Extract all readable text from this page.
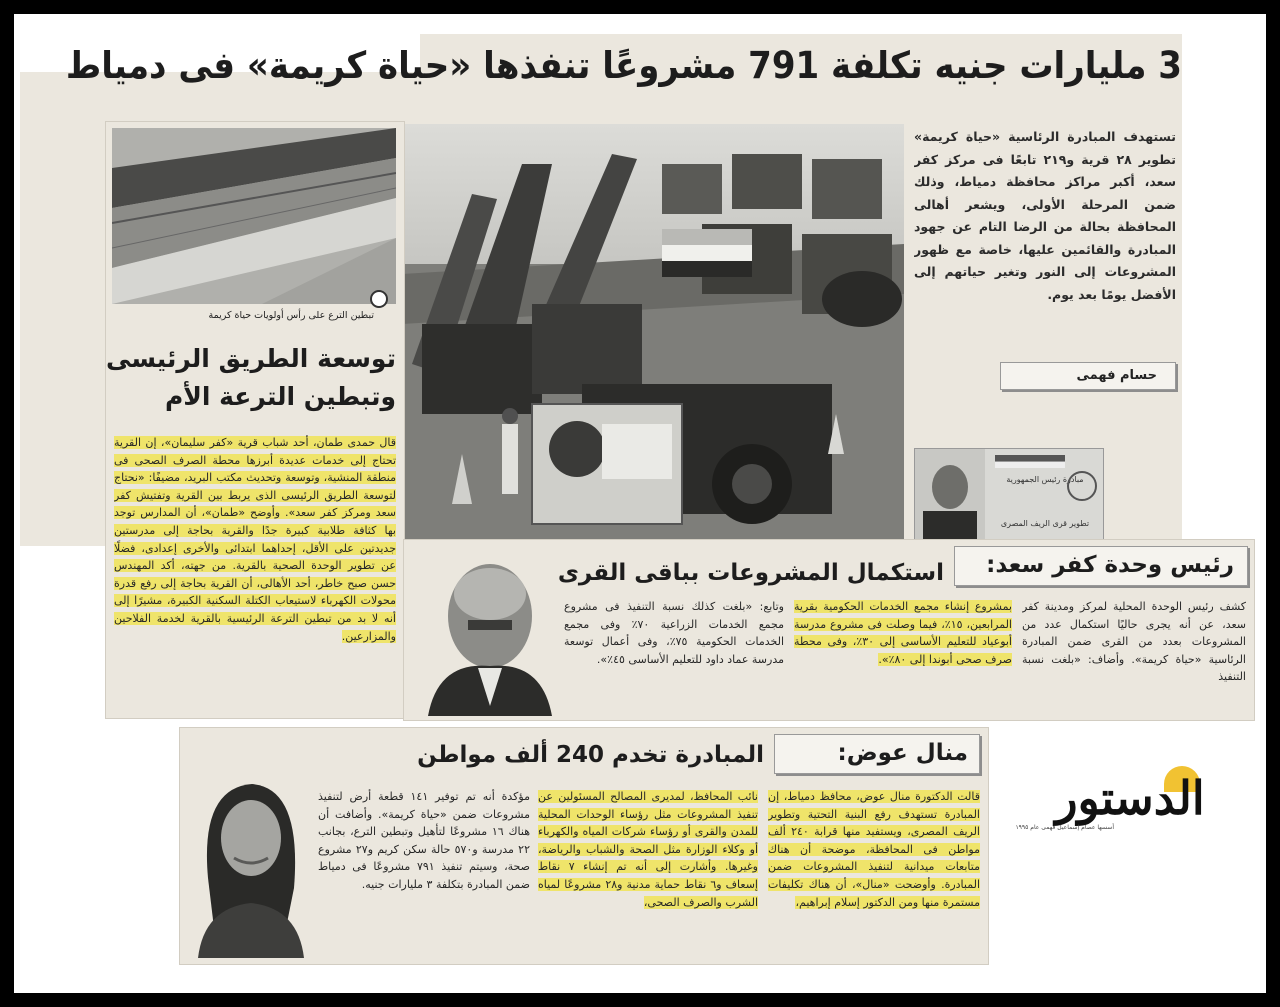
3 مليارات جنيه تكلفة 791 مشروعًا تنفذها «حياة كريمة» فى دمياط
مبادرة رئيس الجمهورية
تطوير قرى الريف المصرى
تستهدف المبادرة الرئاسية «حياة كريمة» تطوير ٢٨ قرية و٢١٩ تابعًا فى مركز كفر سعد، أكبر مراكز محافظة دمياط، وذلك ضمن المرحلة الأولى، ويشعر أهالى المحافظة بحالة من الرضا التام عن جهود المبادرة والقائمين عليها، خاصة مع ظهور المشروعات إلى النور وتغير حياتهم إلى الأفضل يومًا بعد يوم.
حسام فهمى
تبطين الترع على رأس أولويات حياة كريمة
توسعة الطريق الرئيسى
وتبطين الترعة الأم
قال حمدى طمان، أحد شباب قرية «كفر سليمان»، إن القرية تحتاج إلى خدمات عديدة أبرزها محطة الصرف الصحى فى منطقة المنشية، وتوسعة وتحديث مكتب البريد، مضيفًا: «نحتاج لتوسعة الطريق الرئيسى الذى يربط بين القرية وتفتيش كفر سعد ومركز كفر سعد». وأوضح «طمان»، أن المدارس توجد بها كثافة طلابية كبيرة جدًا والقرية بحاجة إلى مدرستين جديدتين على الأقل، إحداهما ابتدائى والأخرى إعدادى، فضلًا عن تطوير الوحدة الصحية بالقرية. من جهته، أكد المهندس حسن صبح خاطر، أحد الأهالى، أن القرية بحاجة إلى رفع قدرة محولات الكهرباء لاستيعاب الكتلة السكنية الكبيرة، مشيرًا إلى أنه لا بد من تبطين الترعة الرئيسية بالقرية لخدمة الفلاحين والمزارعين.
رئيس وحدة كفر سعد:
استكمال المشروعات بباقى القرى
كشف رئيس الوحدة المحلية لمركز ومدينة كفر سعد، عن أنه يجرى حاليًا استكمال عدد من المشروعات بعدد من القرى ضمن المبادرة الرئاسية «حياة كريمة». وأضاف: «بلغت نسبة التنفيذ
بمشروع إنشاء مجمع الخدمات الحكومية بقرية المرابعين، ١٥٪، فيما وصلت فى مشروع مدرسة أبوعياد للتعليم الأساسى إلى ٣٠٪، وفى محطة صرف صحى أبوندا إلى ٨٠٪».
وتابع: «بلغت كذلك نسبة التنفيذ فى مشروع مجمع الخدمات الزراعية ٧٠٪ وفى مجمع الخدمات الحكومية ٧٥٪، وفى أعمال توسعة مدرسة عماد داود للتعليم الأساسى ٤٥٪».
منال عوض:
المبادرة تخدم 240 ألف مواطن
قالت الدكتورة منال عوض، محافظ دمياط، إن المبادرة تستهدف رفع البنية التحتية وتطوير الريف المصرى، ويستفيد منها قرابة ٢٤٠ ألف مواطن فى المحافظة، موضحة أن هناك متابعات ميدانية لتنفيذ المشروعات ضمن المبادرة. وأوضحت «منال»، أن هناك تكليفات مستمرة منها ومن الدكتور إسلام إبراهيم،
نائب المحافظ، لمديرى المصالح المسئولين عن تنفيذ المشروعات مثل رؤساء الوحدات المحلية للمدن والقرى أو رؤساء شركات المياه والكهرباء أو وكلاء الوزارة مثل الصحة والشباب والرياضة، وغيرها. وأشارت إلى أنه تم إنشاء ٧ نقاط إسعاف و٦ نقاط حماية مدنية و٢٨ مشروعًا لمياه الشرب والصرف الصحى،
مؤكدة أنه تم توفير ١٤١ قطعة أرض لتنفيذ مشروعات ضمن «حياة كريمة». وأضافت أن هناك ١٦ مشروعًا لتأهيل وتبطين الترع، بجانب ٢٢ مدرسة و٥٧٠ حالة سكن كريم و٢٧ مشروع صحة، وسيتم تنفيذ ٧٩١ مشروعًا فى دمياط ضمن المبادرة بتكلفة ٣ مليارات جنيه.
الدستور
أسسها عصام إسماعيل فهمى عام ١٩٩٥
